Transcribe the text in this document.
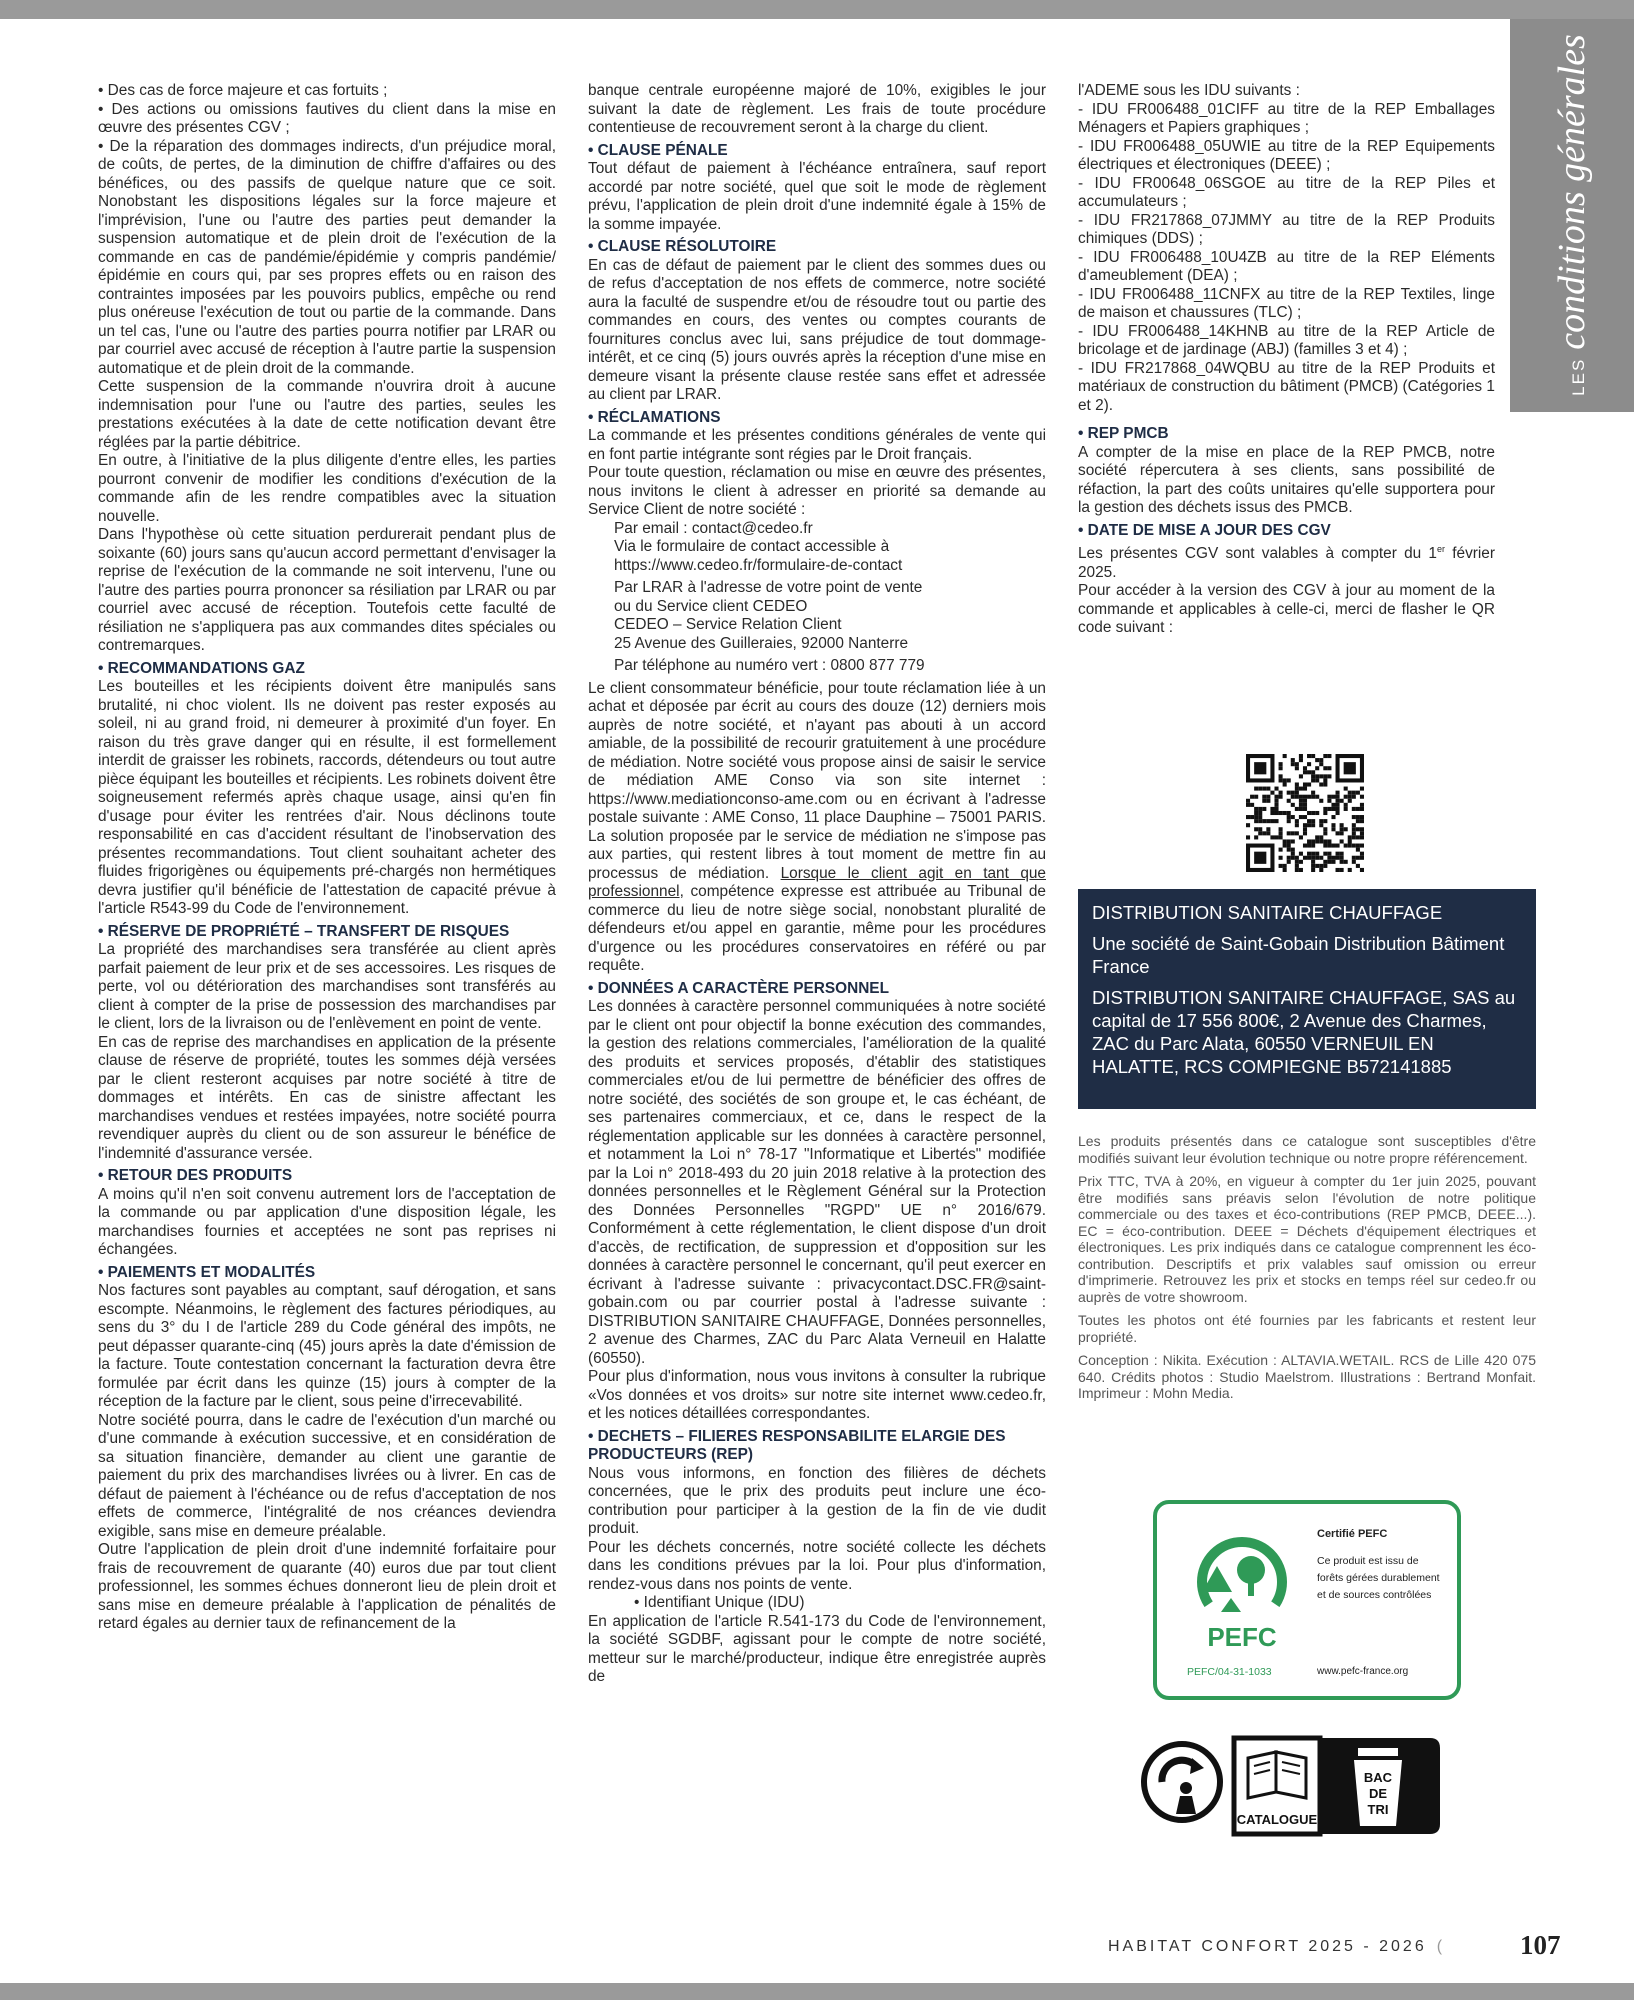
LESconditions générales

• Des cas de force majeure et cas fortuits ;

• Des actions ou omissions fautives du client dans la mise en œuvre des présentes CGV ;

• De la réparation des dommages indirects, d'un préjudice moral, de coûts, de pertes, de la diminution de chiffre d'affaires ou des bénéfices, ou des passifs de quelque nature que ce soit. Nonobstant les dispositions légales sur la force majeure et l'imprévision, l'une ou l'autre des parties peut demander la suspension automatique et de plein droit de l'exécution de la commande en cas de pandémie/épidémie y compris pandémie/épidémie en cours qui, par ses propres effets ou en raison des contraintes imposées par les pouvoirs publics, empêche ou rend plus onéreuse l'exécution de tout ou partie de la commande. Dans un tel cas, l'une ou l'autre des parties pourra notifier par LRAR ou par courriel avec accusé de réception à l'autre partie la suspension automatique et de plein droit de la commande.

Cette suspension de la commande n'ouvrira droit à aucune indemnisation pour l'une ou l'autre des parties, seules les prestations exécutées à la date de cette notification devant être réglées par la partie débitrice.

En outre, à l'initiative de la plus diligente d'entre elles, les parties pourront convenir de modifier les conditions d'exécution de la commande afin de les rendre compatibles avec la situation nouvelle.

Dans l'hypothèse où cette situation perdurerait pendant plus de soixante (60) jours sans qu'aucun accord permettant d'envisager la reprise de l'exécution de la commande ne soit intervenu, l'une ou l'autre des parties pourra prononcer sa résiliation par LRAR ou par courriel avec accusé de réception. Toutefois cette faculté de résiliation ne s'appliquera pas aux commandes dites spéciales ou contremarques.

• RECOMMANDATIONS GAZ

Les bouteilles et les récipients doivent être manipulés sans brutalité, ni choc violent. Ils ne doivent pas rester exposés au soleil, ni au grand froid, ni demeurer à proximité d'un foyer. En raison du très grave danger qui en résulte, il est formellement interdit de graisser les robinets, raccords, détendeurs ou tout autre pièce équipant les bouteilles et récipients. Les robinets doivent être soigneusement refermés après chaque usage, ainsi qu'en fin d'usage pour éviter les rentrées d'air. Nous déclinons toute responsabilité en cas d'accident résultant de l'inobservation des présentes recommandations. Tout client souhaitant acheter des fluides frigorigènes ou équipements pré-chargés non hermétiques devra justifier qu'il bénéficie de l'attestation de capacité prévue à l'article R543-99 du Code de l'environnement.

• RÉSERVE DE PROPRIÉTÉ – TRANSFERT DE RISQUES

La propriété des marchandises sera transférée au client après parfait paiement de leur prix et de ses accessoires. Les risques de perte, vol ou détérioration des marchandises sont transférés au client à compter de la prise de possession des marchandises par le client, lors de la livraison ou de l'enlèvement en point de vente.

En cas de reprise des marchandises en application de la présente clause de réserve de propriété, toutes les sommes déjà versées par le client resteront acquises par notre société à titre de dommages et intérêts. En cas de sinistre affectant les marchandises vendues et restées impayées, notre société pourra revendiquer auprès du client ou de son assureur le bénéfice de l'indemnité d'assurance versée.

• RETOUR DES PRODUITS

A moins qu'il n'en soit convenu autrement lors de l'acceptation de la commande ou par application d'une disposition légale, les marchandises fournies et acceptées ne sont pas reprises ni échangées.

• PAIEMENTS ET MODALITÉS

Nos factures sont payables au comptant, sauf dérogation, et sans escompte. Néanmoins, le règlement des factures périodiques, au sens du 3° du I de l'article 289 du Code général des impôts, ne peut dépasser quarante-cinq (45) jours après la date d'émission de la facture. Toute contestation concernant la facturation devra être formulée par écrit dans les quinze (15) jours à compter de la réception de la facture par le client, sous peine d'irrecevabilité.

Notre société pourra, dans le cadre de l'exécution d'un marché ou d'une commande à exécution successive, et en considération de sa situation financière, demander au client une garantie de paiement du prix des marchandises livrées ou à livrer. En cas de défaut de paiement à l'échéance ou de refus d'acceptation de nos effets de commerce, l'intégralité de nos créances deviendra exigible, sans mise en demeure préalable.

Outre l'application de plein droit d'une indemnité forfaitaire pour frais de recouvrement de quarante (40) euros due par tout client professionnel, les sommes échues donneront lieu de plein droit et sans mise en demeure préalable à l'application de pénalités de retard égales au dernier taux de refinancement de la

banque centrale européenne majoré de 10%, exigibles le jour suivant la date de règlement. Les frais de toute procédure contentieuse de recouvrement seront à la charge du client.

• CLAUSE PÉNALE

Tout défaut de paiement à l'échéance entraînera, sauf report accordé par notre société, quel que soit le mode de règlement prévu, l'application de plein droit d'une indemnité égale à 15% de la somme impayée.

• CLAUSE RÉSOLUTOIRE

En cas de défaut de paiement par le client des sommes dues ou de refus d'acceptation de nos effets de commerce, notre société aura la faculté de suspendre et/ou de résoudre tout ou partie des commandes en cours, des ventes ou comptes courants de fournitures conclus avec lui, sans préjudice de tout dommage-intérêt, et ce cinq (5) jours ouvrés après la réception d'une mise en demeure visant la présente clause restée sans effet et adressée au client par LRAR.

• RÉCLAMATIONS

La commande et les présentes conditions générales de vente qui en font partie intégrante sont régies par le Droit français.

Pour toute question, réclamation ou mise en œuvre des présentes, nous invitons le client à adresser en priorité sa demande au Service Client de notre société :

Par email : contact@cedeo.fr
Via le formulaire de contact accessible à
https://www.cedeo.fr/formulaire-de-contact

Par LRAR à l'adresse de votre point de vente
ou du Service client CEDEO
CEDEO – Service Relation Client
25 Avenue des Guilleraies, 92000 Nanterre

Par téléphone au numéro vert : 0800 877 779

Le client consommateur bénéficie, pour toute réclamation liée à un achat et déposée par écrit au cours des douze (12) derniers mois auprès de notre société, et n'ayant pas abouti à un accord amiable, de la possibilité de recourir gratuitement à une procédure de médiation. Notre société vous propose ainsi de saisir le service de médiation AME Conso via son site internet : https://www.mediationconso-ame.com ou en écrivant à l'adresse postale suivante : AME Conso, 11 place Dauphine – 75001 PARIS. La solution proposée par le service de médiation ne s'impose pas aux parties, qui restent libres à tout moment de mettre fin au processus de médiation. Lorsque le client agit en tant que professionnel, compétence expresse est attribuée au Tribunal de commerce du lieu de notre siège social, nonobstant pluralité de défendeurs et/ou appel en garantie, même pour les procédures d'urgence ou les procédures conservatoires en référé ou par requête.

• DONNÉES A CARACTÈRE PERSONNEL

Les données à caractère personnel communiquées à notre société par le client ont pour objectif la bonne exécution des commandes, la gestion des relations commerciales, l'amélioration de la qualité des produits et services proposés, d'établir des statistiques commerciales et/ou de lui permettre de bénéficier des offres de notre société, des sociétés de son groupe et, le cas échéant, de ses partenaires commerciaux, et ce, dans le respect de la réglementation applicable sur les données à caractère personnel, et notamment la Loi n° 78-17 "Informatique et Libertés" modifiée par la Loi n° 2018-493 du 20 juin 2018 relative à la protection des données personnelles et le Règlement Général sur la Protection des Données Personnelles "RGPD" UE n° 2016/679. Conformément à cette réglementation, le client dispose d'un droit d'accès, de rectification, de suppression et d'opposition sur les données à caractère personnel le concernant, qu'il peut exercer en écrivant à l'adresse suivante : privacycontact.DSC.FR@saint-gobain.com ou par courrier postal à l'adresse suivante : DISTRIBUTION SANITAIRE CHAUFFAGE, Données personnelles, 2 avenue des Charmes, ZAC du Parc Alata Verneuil en Halatte (60550).

Pour plus d'information, nous vous invitons à consulter la rubrique «Vos données et vos droits» sur notre site internet www.cedeo.fr, et les notices détaillées correspondantes.

• DECHETS – FILIERES RESPONSABILITE ELARGIE DES PRODUCTEURS (REP)

Nous vous informons, en fonction des filières de déchets concernées, que le prix des produits peut inclure une éco-contribution pour participer à la gestion de la fin de vie dudit produit.

Pour les déchets concernés, notre société collecte les déchets dans les conditions prévues par la loi. Pour plus d'information, rendez-vous dans nos points de vente.

• Identifiant Unique (IDU)

En application de l'article R.541-173 du Code de l'environnement, la société SGDBF, agissant pour le compte de notre société, metteur sur le marché/producteur, indique être enregistrée auprès de

l'ADEME sous les IDU suivants :

- IDU FR006488_01CIFF au titre de la REP Emballages Ménagers et Papiers graphiques ;

- IDU FR006488_05UWIE au titre de la REP Equipements électriques et électroniques (DEEE) ;

- IDU FR00648_06SGOE au titre de la REP Piles et accumulateurs ;

- IDU FR217868_07JMMY au titre de la REP Produits chimiques (DDS) ;

- IDU FR006488_10U4ZB au titre de la REP Eléments d'ameublement (DEA) ;

- IDU FR006488_11CNFX au titre de la REP Textiles, linge de maison et chaussures (TLC) ;

- IDU FR006488_14KHNB au titre de la REP Article de bricolage et de jardinage (ABJ) (familles 3 et 4) ;

- IDU FR217868_04WQBU au titre de la REP Produits et matériaux de construction du bâtiment (PMCB) (Catégories 1 et 2).

• REP PMCB

A compter de la mise en place de la REP PMCB, notre société répercutera à ses clients, sans possibilité de réfaction, la part des coûts unitaires qu'elle supportera pour la gestion des déchets issus des PMCB.

• DATE DE MISE A JOUR DES CGV

Les présentes CGV sont valables à compter du 1er février 2025.

Pour accéder à la version des CGV à jour au moment de la commande et applicables à celle-ci, merci de flasher le QR code suivant :

DISTRIBUTION SANITAIRE CHAUFFAGE

Une société de Saint-Gobain Distribution Bâtiment France

DISTRIBUTION SANITAIRE CHAUFFAGE, SAS au capital de 17 556 800€, 2 Avenue des Charmes, ZAC du Parc Alata, 60550 VERNEUIL EN HALATTE, RCS COMPIEGNE B572141885

Les produits présentés dans ce catalogue sont susceptibles d'être modifiés suivant leur évolution technique ou notre propre référencement.

Prix TTC, TVA à 20%, en vigueur à compter du 1er juin 2025, pouvant être modifiés sans préavis selon l'évolution de notre politique commerciale ou des taxes et éco-contributions (REP PMCB, DEEE...). EC = éco-contribution. DEEE = Déchets d'équipement électriques et électroniques. Les prix indiqués dans ce catalogue comprennent les éco-contribution. Descriptifs et prix valables sauf omission ou erreur d'imprimerie. Retrouvez les prix et stocks en temps réel sur cedeo.fr ou auprès de votre showroom.

Toutes les photos ont été fournies par les fabricants et restent leur propriété.

Conception : Nikita. Exécution : ALTAVIA.WETAIL. RCS de Lille 420 075 640. Crédits photos : Studio Maelstrom. Illustrations : Bertrand Monfait. Imprimeur : Mohn Media.

PEFC
Certifié PEFC
Ce produit est issu de forêts gérées durablement et de sources contrôlées
PEFC/04-31-1033	www.pefc-france.org
CATALOGUE
BAC
DE
TRI
HABITAT CONFORT 2025 - 2026 (	107
